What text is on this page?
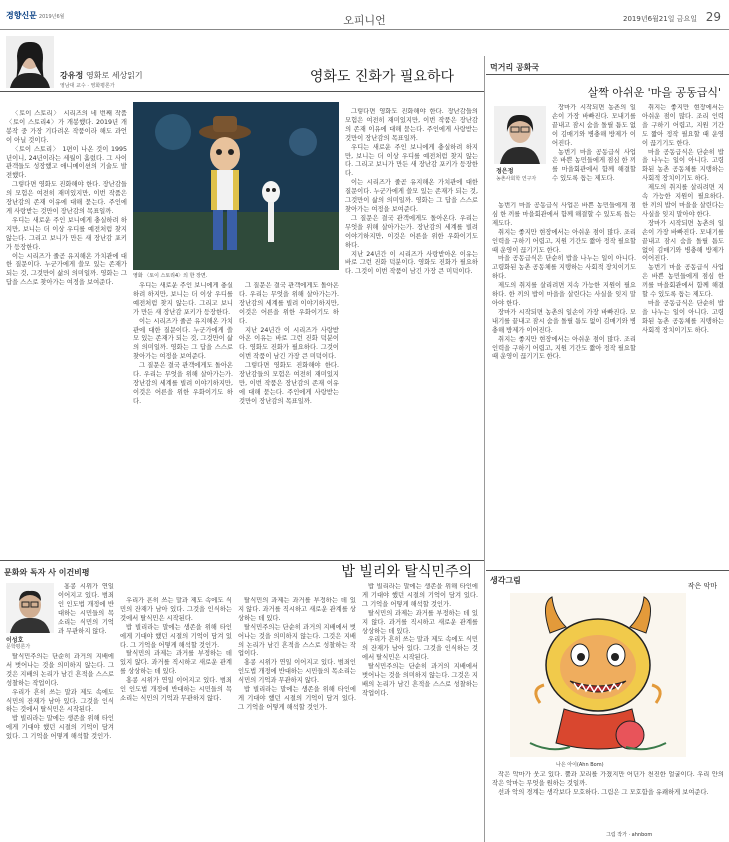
경향신문 2019년6월	오피니언	2019년6월21일 금요일 29
강유정 영화로 세상읽기
영남대 교수 · 영화평론가
영화도 진화가 필요하다
〈토이 스토리〉 시리즈의 네 번째 작품 〈토이 스토리4〉가 개봉했다. 2019년 개봉작 중 가장 기다려온 작품이라 해도 과언이 아닐 것이다.
〈토이 스토리〉 1편이 나온 것이 1995년이니, 24년이라는 세월이 흘렀다. 그 사이 관객들도 성장했고 애니메이션의 기술도 발전했다.
그렇다면 영화도 진화해야 한다. 장난감들의 모험은 여전히 재미있지만, 이번 작품은 장난감의 존재 이유에 대해 묻는다. 주인에게 사랑받는 것만이 장난감의 목표일까.
우디는 새로운 주인 보니에게 충실하려 하지만, 보니는 더 이상 우디를 예전처럼 찾지 않는다. 그리고 보니가 만든 새 장난감 포키가 등장한다.
이는 시리즈가 줄곧 유지해온 가치관에 대한 질문이다. 누군가에게 쓸모 있는 존재가 되는 것, 그것만이 삶의 의미일까. 영화는 그 답을 스스로 찾아가는 여정을 보여준다.
영화 〈토이 스토리4〉의 한 장면.
우디는 새로운 주인 보니에게 충실하려 하지만, 보니는 더 이상 우디를 예전처럼 찾지 않는다. 그리고 보니가 만든 새 장난감 포키가 등장한다.
이는 시리즈가 줄곧 유지해온 가치관에 대한 질문이다. 누군가에게 쓸모 있는 존재가 되는 것, 그것만이 삶의 의미일까. 영화는 그 답을 스스로 찾아가는 여정을 보여준다.
그 질문은 결국 관객에게도 돌아온다. 우리는 무엇을 위해 살아가는가. 장난감의 세계를 빌려 이야기하지만, 이것은 어른을 위한 우화이기도 하다.
그 질문은 결국 관객에게도 돌아온다. 우리는 무엇을 위해 살아가는가. 장난감의 세계를 빌려 이야기하지만, 이것은 어른을 위한 우화이기도 하다.
지난 24년간 이 시리즈가 사랑받아온 이유는 바로 그런 진화 덕분이다. 영화도 진화가 필요하다. 그것이 이번 작품이 남긴 가장 큰 미덕이다.
그렇다면 영화도 진화해야 한다. 장난감들의 모험은 여전히 재미있지만, 이번 작품은 장난감의 존재 이유에 대해 묻는다. 주인에게 사랑받는 것만이 장난감의 목표일까.
그렇다면 영화도 진화해야 한다. 장난감들의 모험은 여전히 재미있지만, 이번 작품은 장난감의 존재 이유에 대해 묻는다. 주인에게 사랑받는 것만이 장난감의 목표일까.
우디는 새로운 주인 보니에게 충실하려 하지만, 보니는 더 이상 우디를 예전처럼 찾지 않는다. 그리고 보니가 만든 새 장난감 포키가 등장한다.
이는 시리즈가 줄곧 유지해온 가치관에 대한 질문이다. 누군가에게 쓸모 있는 존재가 되는 것, 그것만이 삶의 의미일까. 영화는 그 답을 스스로 찾아가는 여정을 보여준다.
그 질문은 결국 관객에게도 돌아온다. 우리는 무엇을 위해 살아가는가. 장난감의 세계를 빌려 이야기하지만, 이것은 어른을 위한 우화이기도 하다.
지난 24년간 이 시리즈가 사랑받아온 이유는 바로 그런 진화 덕분이다. 영화도 진화가 필요하다. 그것이 이번 작품이 남긴 가장 큰 미덕이다.
먹거리 공화국
살짝 아쉬운 '마을 공동급식'
정은정
농촌사회학 연구자
장마가 시작되면 농촌의 일손이 가장 바빠진다. 모내기를 끝내고 잠시 숨을 돌릴 틈도 없이 김매기와 병충해 방제가 이어진다.
농번기 마을 공동급식 사업은 바쁜 농민들에게 점심 한 끼를 마을회관에서 함께 해결할 수 있도록 돕는 제도다.
농번기 마을 공동급식 사업은 바쁜 농민들에게 점심 한 끼를 마을회관에서 함께 해결할 수 있도록 돕는 제도다.
취지는 좋지만 현장에서는 아쉬운 점이 많다. 조리 인력을 구하기 어렵고, 지원 기간도 짧아 정작 필요할 때 운영이 끊기기도 한다.
마을 공동급식은 단순히 밥을 나누는 일이 아니다. 고령화된 농촌 공동체를 지탱하는 사회적 장치이기도 하다.
제도의 취지를 살리려면 지속 가능한 지원이 필요하다. 한 끼의 밥이 마을을 살린다는 사실을 잊지 말아야 한다.
장마가 시작되면 농촌의 일손이 가장 바빠진다. 모내기를 끝내고 잠시 숨을 돌릴 틈도 없이 김매기와 병충해 방제가 이어진다.
취지는 좋지만 현장에서는 아쉬운 점이 많다. 조리 인력을 구하기 어렵고, 지원 기간도 짧아 정작 필요할 때 운영이 끊기기도 한다.
취지는 좋지만 현장에서는 아쉬운 점이 많다. 조리 인력을 구하기 어렵고, 지원 기간도 짧아 정작 필요할 때 운영이 끊기기도 한다.
마을 공동급식은 단순히 밥을 나누는 일이 아니다. 고령화된 농촌 공동체를 지탱하는 사회적 장치이기도 하다.
제도의 취지를 살리려면 지속 가능한 지원이 필요하다. 한 끼의 밥이 마을을 살린다는 사실을 잊지 말아야 한다.
장마가 시작되면 농촌의 일손이 가장 바빠진다. 모내기를 끝내고 잠시 숨을 돌릴 틈도 없이 김매기와 병충해 방제가 이어진다.
농번기 마을 공동급식 사업은 바쁜 농민들에게 점심 한 끼를 마을회관에서 함께 해결할 수 있도록 돕는 제도다.
마을 공동급식은 단순히 밥을 나누는 일이 아니다. 고령화된 농촌 공동체를 지탱하는 사회적 장치이기도 하다.
문화와 독자 사 이건비평	밥 빌리와 탈식민주의
이성호
문학평론가
홍콩 시위가 연일 이어지고 있다. 범죄인 인도법 개정에 반대하는 시민들의 목소리는 식민의 기억과 무관하지 않다.
탈식민주의는 단순히 과거의 지배에서 벗어나는 것을 의미하지 않는다. 그것은 지배의 논리가 남긴 흔적을 스스로 성찰하는 작업이다.
우리가 흔히 쓰는 말과 제도 속에도 식민의 잔재가 남아 있다. 그것을 인식하는 것에서 탈식민은 시작된다.
밥 빌리라는 말에는 생존을 위해 타인에게 기대야 했던 시절의 기억이 담겨 있다. 그 기억을 어떻게 해석할 것인가.
우리가 흔히 쓰는 말과 제도 속에도 식민의 잔재가 남아 있다. 그것을 인식하는 것에서 탈식민은 시작된다.
밥 빌리라는 말에는 생존을 위해 타인에게 기대야 했던 시절의 기억이 담겨 있다. 그 기억을 어떻게 해석할 것인가.
탈식민의 과제는 과거를 부정하는 데 있지 않다. 과거를 직시하고 새로운 관계를 상상하는 데 있다.
홍콩 시위가 연일 이어지고 있다. 범죄인 인도법 개정에 반대하는 시민들의 목소리는 식민의 기억과 무관하지 않다.
탈식민의 과제는 과거를 부정하는 데 있지 않다. 과거를 직시하고 새로운 관계를 상상하는 데 있다.
탈식민주의는 단순히 과거의 지배에서 벗어나는 것을 의미하지 않는다. 그것은 지배의 논리가 남긴 흔적을 스스로 성찰하는 작업이다.
홍콩 시위가 연일 이어지고 있다. 범죄인 인도법 개정에 반대하는 시민들의 목소리는 식민의 기억과 무관하지 않다.
밥 빌리라는 말에는 생존을 위해 타인에게 기대야 했던 시절의 기억이 담겨 있다. 그 기억을 어떻게 해석할 것인가.
밥 빌리라는 말에는 생존을 위해 타인에게 기대야 했던 시절의 기억이 담겨 있다. 그 기억을 어떻게 해석할 것인가.
탈식민의 과제는 과거를 부정하는 데 있지 않다. 과거를 직시하고 새로운 관계를 상상하는 데 있다.
우리가 흔히 쓰는 말과 제도 속에도 식민의 잔재가 남아 있다. 그것을 인식하는 것에서 탈식민은 시작된다.
탈식민주의는 단순히 과거의 지배에서 벗어나는 것을 의미하지 않는다. 그것은 지배의 논리가 남긴 흔적을 스스로 성찰하는 작업이다.
생각그림
작은 악마
나은 아이(Ahn Bom)
작은 악마가 웃고 있다. 뿔과 꼬리를 가졌지만 어딘가 천진한 얼굴이다. 우리 안의 작은 악마는 무엇을 원하는 것일까.
선과 악의 경계는 생각보다 모호하다. 그림은 그 모호함을 유쾌하게 보여준다.
그림 작가 · ahnbom
